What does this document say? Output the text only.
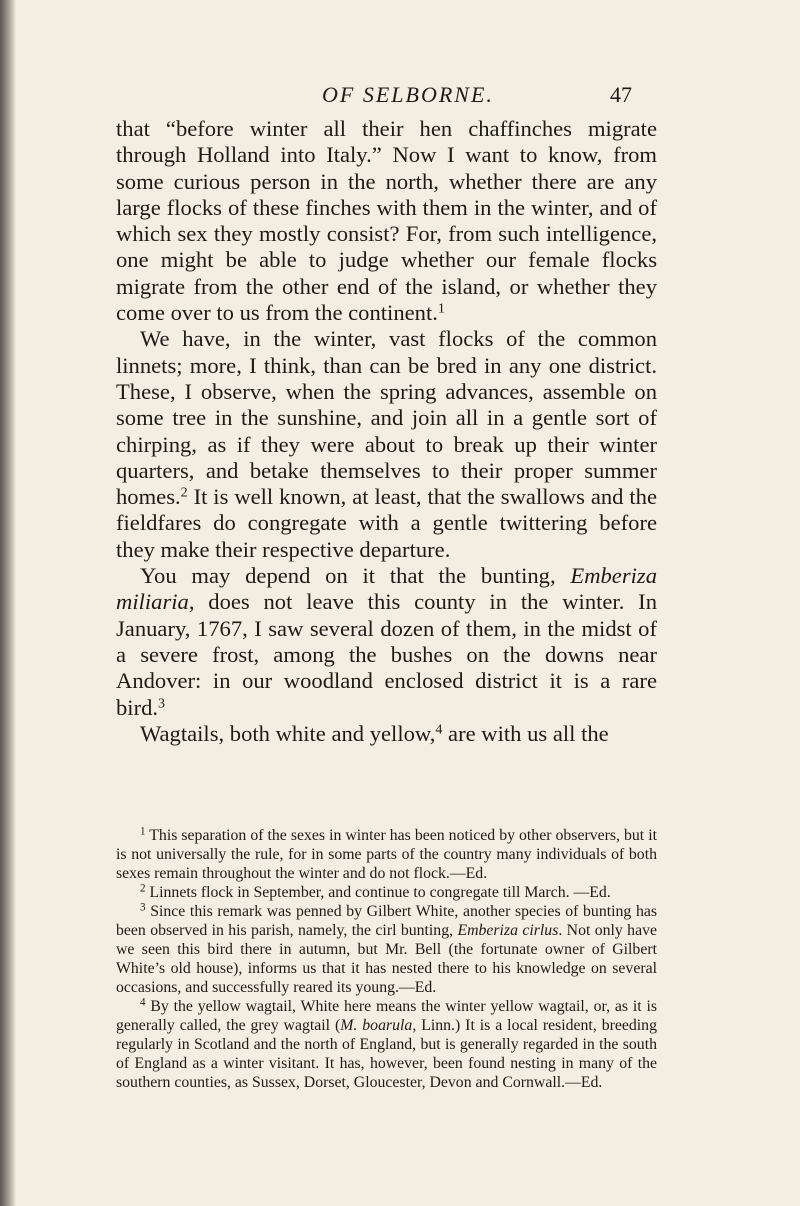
OF SELBORNE.	47

that “before winter all their hen chaffinches migrate through Holland into Italy.” Now I want to know, from some curious person in the north, whether there are any large flocks of these finches with them in the winter, and of which sex they mostly consist? For, from such intelligence, one might be able to judge whether our female flocks migrate from the other end of the island, or whether they come over to us from the continent.$^1$

We have, in the winter, vast flocks of the common linnets; more, I think, than can be bred in any one district. These, I observe, when the spring advances, assemble on some tree in the sunshine, and join all in a gentle sort of chirping, as if they were about to break up their winter quarters, and betake themselves to their proper summer homes.$^2$ It is well known, at least, that the swallows and the fieldfares do congregate with a gentle twittering before they make their respective departure.

You may depend on it that the bunting, Emberiza miliaria, does not leave this county in the winter. In January, 1767, I saw several dozen of them, in the midst of a severe frost, among the bushes on the downs near Andover: in our woodland enclosed district it is a rare bird.$^3$

Wagtails, both white and yellow,$^4$ are with us all the

$^1$ This separation of the sexes in winter has been noticed by other observers, but it is not universally the rule, for in some parts of the country many individuals of both sexes remain throughout the winter and do not flock.—Ed.

$^2$ Linnets flock in September, and continue to congregate till March. —Ed.

$^3$ Since this remark was penned by Gilbert White, another species of bunting has been observed in his parish, namely, the cirl bunting, Emberiza cirlus. Not only have we seen this bird there in autumn, but Mr. Bell (the fortunate owner of Gilbert White’s old house), informs us that it has nested there to his knowledge on several occasions, and successfully reared its young.—Ed.

$^4$ By the yellow wagtail, White here means the winter yellow wagtail, or, as it is generally called, the grey wagtail (M. boarula, Linn.) It is a local resident, breeding regularly in Scotland and the north of England, but is generally regarded in the south of England as a winter visitant. It has, however, been found nesting in many of the southern counties, as Sussex, Dorset, Gloucester, Devon and Cornwall.—Ed.
